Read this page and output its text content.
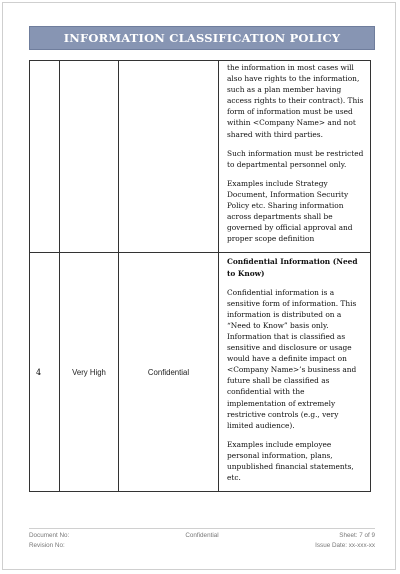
INFORMATION CLASSIFICATION POLICY

			the information in most cases will also have rights to the information, such as a plan member having access rights to their contract). This form of information must be used within <Company Name> and not shared with third parties.

Such information must be restricted to departmental personnel only.

Examples include Strategy Document, Information Security Policy etc. Sharing information across departments shall be governed by official approval and proper scope definition

4	Very High	Confidential	Confidential Information (Need to Know)

Confidential information is a sensitive form of information. This information is distributed on a “Need to Know” basis only. Information that is classified as sensitive and disclosure or usage would have a definite impact on <Company Name>’s business and future shall be classified as confidential with the implementation of extremely restrictive controls (e.g., very limited audience).

Examples include employee personal information, plans, unpublished financial statements, etc.

Document No:
Revision No:
Confidential	Sheet: 7 of 9
Issue Date: xx-xxx-xx
